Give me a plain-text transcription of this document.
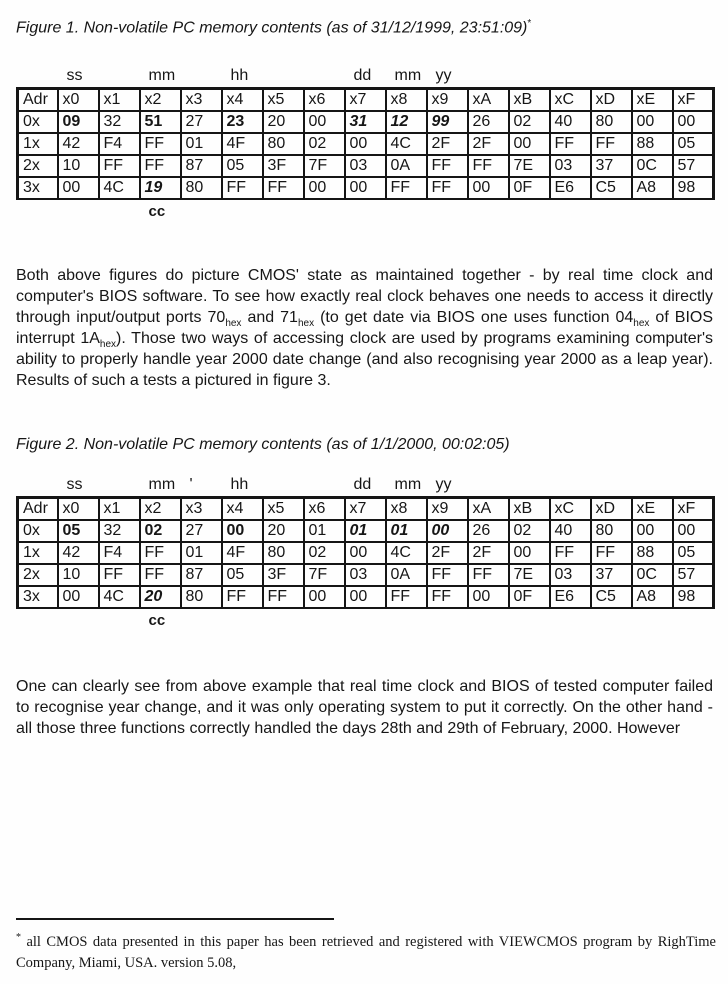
Figure 1. Non-volatile PC memory contents (as of 31/12/1999, 23:51:09)*

	ss		mm		hh			dd	mm	yy						
Adr	x0	x1	x2	x3	x4	x5	x6	x7	x8	x9	xA	xB	xC	xD	xE	xF
0x	09	32	51	27	23	20	00	31	12	99	26	02	40	80	00	00
1x	42	F4	FF	01	4F	80	02	00	4C	2F	2F	00	FF	FF	88	05
2x	10	FF	FF	87	05	3F	7F	03	0A	FF	FF	7E	03	37	0C	57
3x	00	4C	19	80	FF	FF	00	00	FF	FF	00	0F	E6	C5	A8	98
			cc													

Both above figures do picture CMOS' state as maintained together - by real time clock and computer's BIOS software. To see how exactly real clock behaves one needs to access it directly through input/output ports $70_{hex}$ and $71_{hex}$ (to get date via BIOS one uses function $04_{hex}$ of BIOS interrupt $1A_{hex}$). Those two ways of accessing clock are used by programs examining computer's ability to properly handle year 2000 date change (and also recognising year 2000 as a leap year). Results of such a tests a pictured in figure 3.

Figure 2. Non-volatile PC memory contents (as of 1/1/2000, 00:02:05)

	ss		mm	'	hh			dd	mm	yy						
Adr	x0	x1	x2	x3	x4	x5	x6	x7	x8	x9	xA	xB	xC	xD	xE	xF
0x	05	32	02	27	00	20	01	01	01	00	26	02	40	80	00	00
1x	42	F4	FF	01	4F	80	02	00	4C	2F	2F	00	FF	FF	88	05
2x	10	FF	FF	87	05	3F	7F	03	0A	FF	FF	7E	03	37	0C	57
3x	00	4C	20	80	FF	FF	00	00	FF	FF	00	0F	E6	C5	A8	98
			cc													

One can clearly see from above example that real time clock and BIOS of tested computer failed to recognise year change, and it was only operating system to put it correctly. On the other hand - all those three functions correctly handled the days 28th and 29th of February, 2000. However

* all CMOS data presented in this paper has been retrieved and registered with VIEWCMOS program by RighTime Company, Miami, USA. version 5.08,
